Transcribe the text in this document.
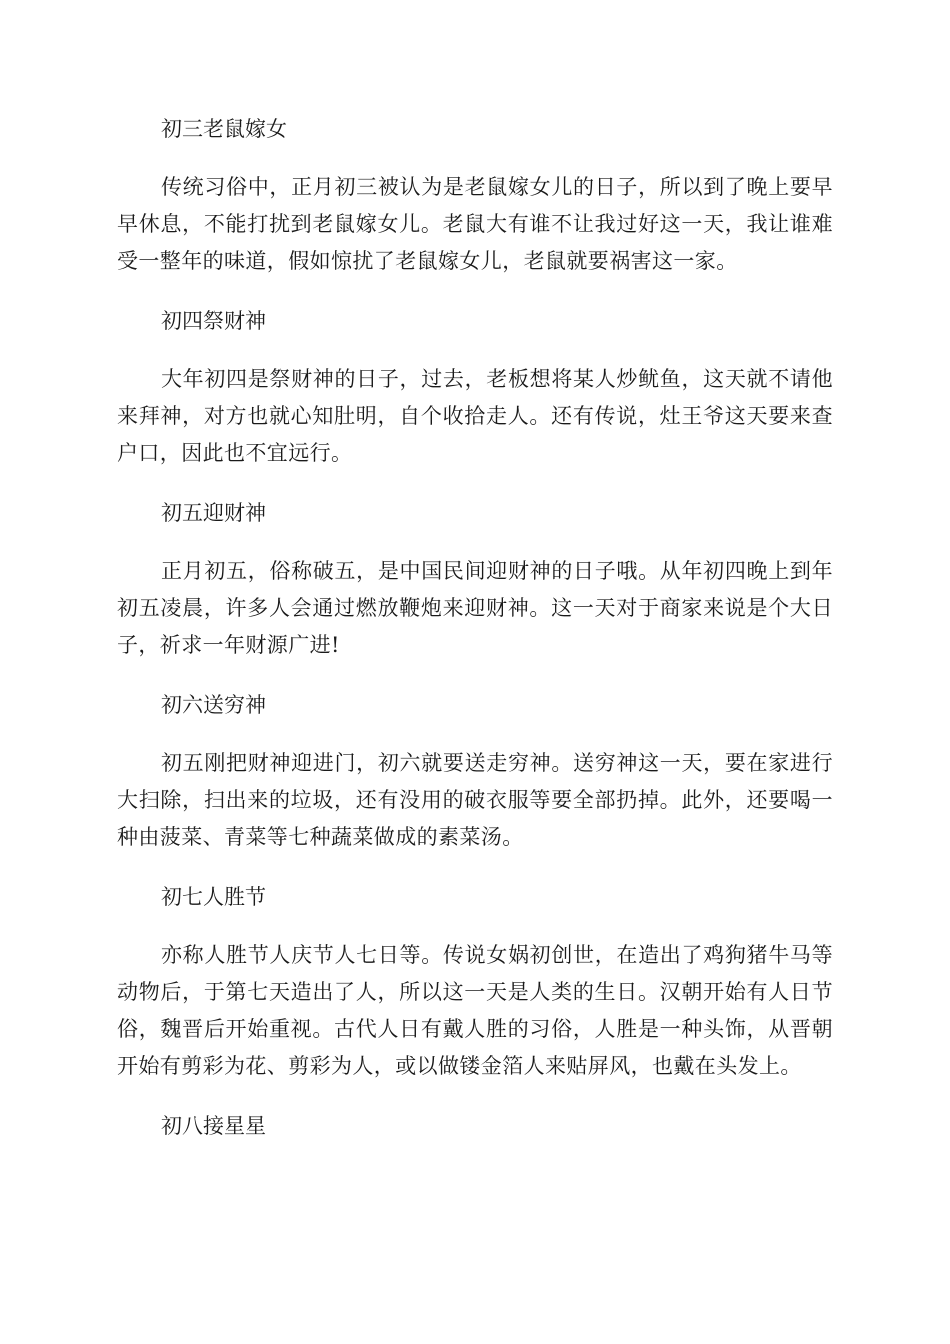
初三老鼠嫁女

传统习俗中，正月初三被认为是老鼠嫁女儿的日子，所以到了晚上要早早休息，不能打扰到老鼠嫁女儿。老鼠大有谁不让我过好这一天，我让谁难受一整年的味道，假如惊扰了老鼠嫁女儿，老鼠就要祸害这一家。

初四祭财神

大年初四是祭财神的日子，过去，老板想将某人炒鱿鱼，这天就不请他来拜神，对方也就心知肚明，自个收拾走人。还有传说，灶王爷这天要来查户口，因此也不宜远行。

初五迎财神

正月初五，俗称破五，是中国民间迎财神的日子哦。从年初四晚上到年初五凌晨，许多人会通过燃放鞭炮来迎财神。这一天对于商家来说是个大日子，祈求一年财源广进!

初六送穷神

初五刚把财神迎进门，初六就要送走穷神。送穷神这一天，要在家进行大扫除，扫出来的垃圾，还有没用的破衣服等要全部扔掉。此外，还要喝一种由菠菜、青菜等七种蔬菜做成的素菜汤。

初七人胜节

亦称人胜节人庆节人七日等。传说女娲初创世，在造出了鸡狗猪牛马等动物后，于第七天造出了人，所以这一天是人类的生日。汉朝开始有人日节俗，魏晋后开始重视。古代人日有戴人胜的习俗，人胜是一种头饰，从晋朝开始有剪彩为花、剪彩为人，或以做镂金箔人来贴屏风，也戴在头发上。

初八接星星
